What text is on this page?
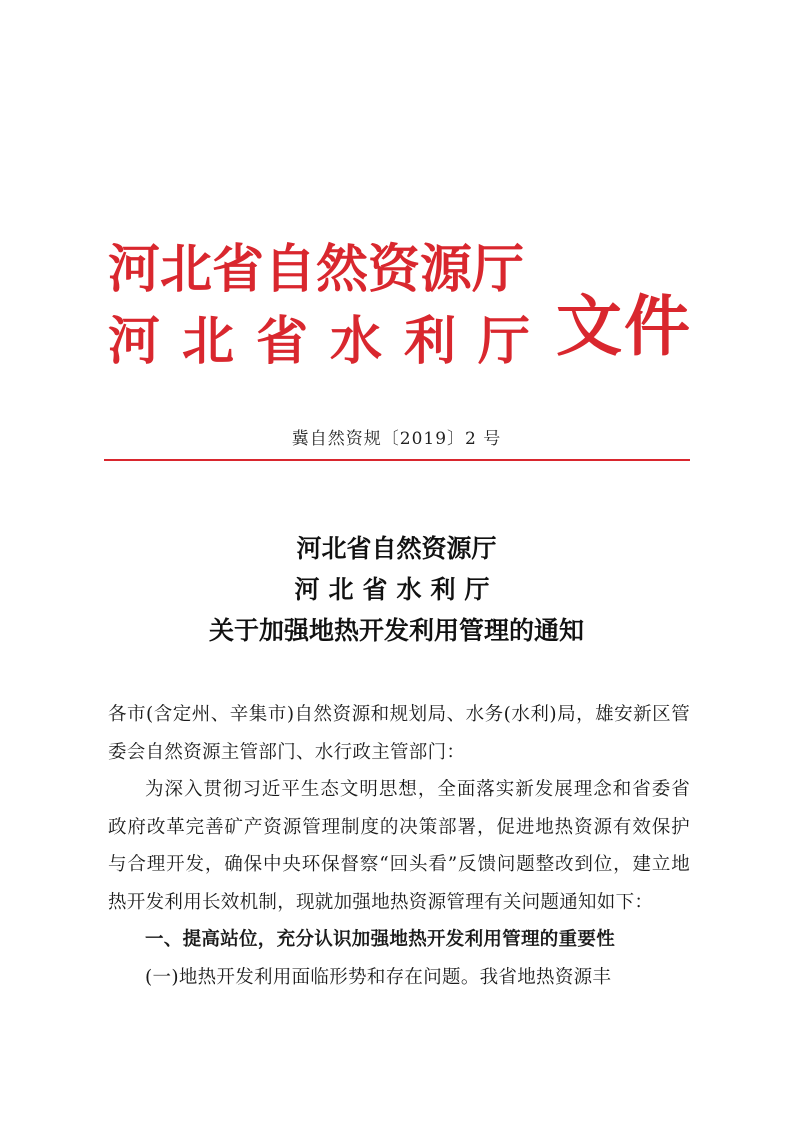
河北省自然资源厅
河北省水利厅 文件
冀自然资规〔2019〕2 号
河北省自然资源厅
河北省水利厅
关于加强地热开发利用管理的通知

各市(含定州、辛集市)自然资源和规划局、水务(水利)局，雄安新区管委会自然资源主管部门、水行政主管部门：

为深入贯彻习近平生态文明思想，全面落实新发展理念和省委省政府改革完善矿产资源管理制度的决策部署，促进地热资源有效保护与合理开发，确保中央环保督察“回头看”反馈问题整改到位，建立地热开发利用长效机制，现就加强地热资源管理有关问题通知如下：

一、提高站位，充分认识加强地热开发利用管理的重要性

(一)地热开发利用面临形势和存在问题。我省地热资源丰
